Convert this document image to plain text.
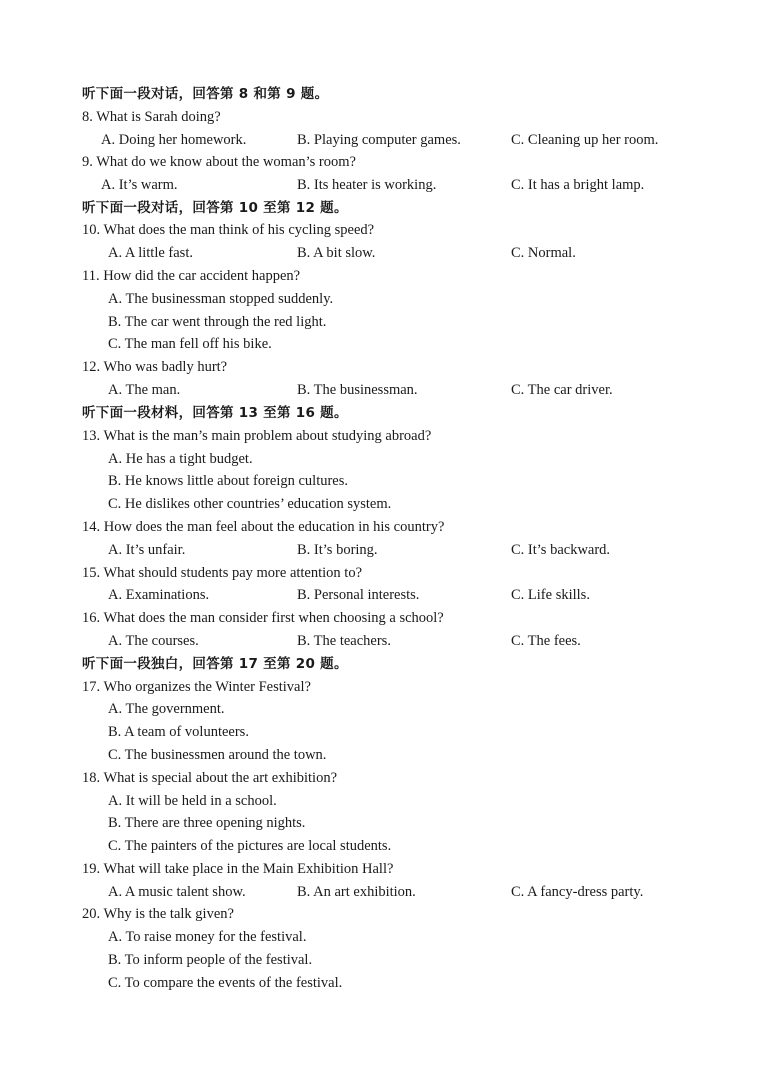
听下面一段对话，回答第 8 和第 9 题。
8. What is Sarah doing?
A. Doing her homework.	B. Playing computer games.	C. Cleaning up her room.
9. What do we know about the woman’s room?
A. It’s warm.	B. Its heater is working.	C. It has a bright lamp.
听下面一段对话，回答第 10 至第 12 题。
10. What does the man think of his cycling speed?
A. A little fast.	B. A bit slow.	C. Normal.
11. How did the car accident happen?
A. The businessman stopped suddenly.
B. The car went through the red light.
C. The man fell off his bike.
12. Who was badly hurt?
A. The man.	B. The businessman.	C. The car driver.
听下面一段材料，回答第 13 至第 16 题。
13. What is the man’s main problem about studying abroad?
A. He has a tight budget.
B. He knows little about foreign cultures.
C. He dislikes other countries’ education system.
14. How does the man feel about the education in his country?
A. It’s unfair.	B. It’s boring.	C. It’s backward.
15. What should students pay more attention to?
A. Examinations.	B. Personal interests.	C. Life skills.
16. What does the man consider first when choosing a school?
A. The courses.	B. The teachers.	C. The fees.
听下面一段独白，回答第 17 至第 20 题。
17. Who organizes the Winter Festival?
A. The government.
B. A team of volunteers.
C. The businessmen around the town.
18. What is special about the art exhibition?
A. It will be held in a school.
B. There are three opening nights.
C. The painters of the pictures are local students.
19. What will take place in the Main Exhibition Hall?
A. A music talent show.	B. An art exhibition.	C. A fancy-dress party.
20. Why is the talk given?
A. To raise money for the festival.
B. To inform people of the festival.
C. To compare the events of the festival.
